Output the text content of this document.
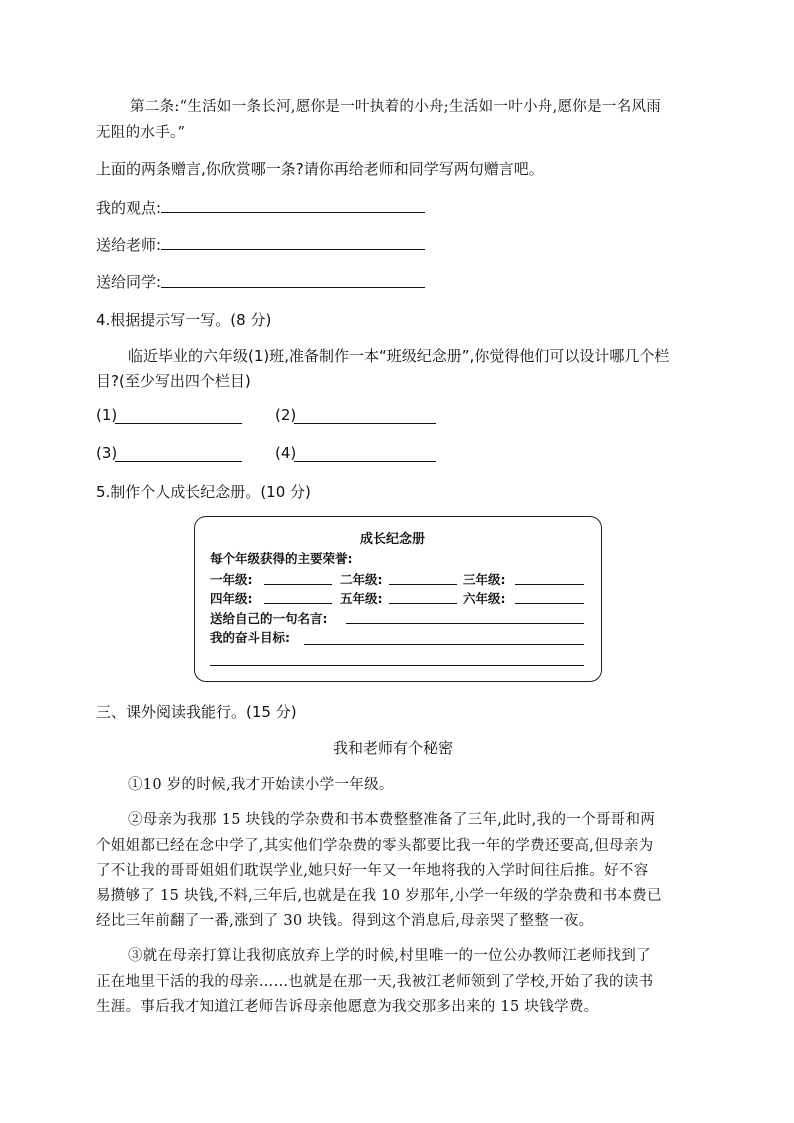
第二条:“生活如一条长河,愿你是一叶执着的小舟;生活如一叶小舟,愿你是一名风雨
无阻的水手。”
上面的两条赠言,你欣赏哪一条?请你再给老师和同学写两句赠言吧。
我的观点:
送给老师:
送给同学:
4.根据提示写一写。(8 分)
临近毕业的六年级(1)班,准备制作一本“班级纪念册”,你觉得他们可以设计哪几个栏
目?(至少写出四个栏目)
(1)	(2)
(3)	(4)
5.制作个人成长纪念册。(10 分)
成长纪念册
每个年级获得的主要荣誉:
一年级:	二年级:	三年级:
四年级:	五年级:	六年级:
送给自己的一句名言:
我的奋斗目标:
三、课外阅读我能行。(15 分)
我和老师有个秘密
①10 岁的时候,我才开始读小学一年级。
②母亲为我那 15 块钱的学杂费和书本费整整准备了三年,此时,我的一个哥哥和两
个姐姐都已经在念中学了,其实他们学杂费的零头都要比我一年的学费还要高,但母亲为
了不让我的哥哥姐姐们耽误学业,她只好一年又一年地将我的入学时间往后推。好不容
易攒够了 15 块钱,不料,三年后,也就是在我 10 岁那年,小学一年级的学杂费和书本费已
经比三年前翻了一番,涨到了 30 块钱。得到这个消息后,母亲哭了整整一夜。
③就在母亲打算让我彻底放弃上学的时候,村里唯一的一位公办教师江老师找到了
正在地里干活的我的母亲……也就是在那一天,我被江老师领到了学校,开始了我的读书
生涯。事后我才知道江老师告诉母亲他愿意为我交那多出来的 15 块钱学费。
